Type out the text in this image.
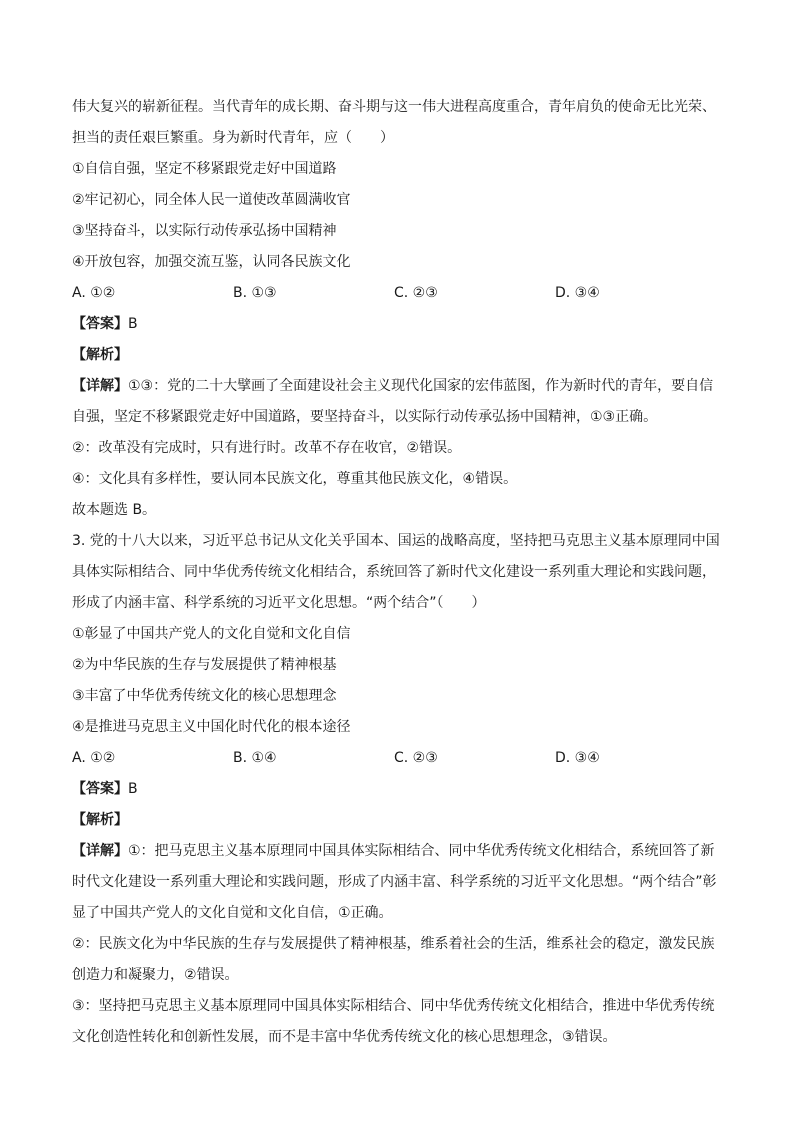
伟大复兴的崭新征程。当代青年的成长期、奋斗期与这一伟大进程高度重合，青年肩负的使命无比光荣、
担当的责任艰巨繁重。身为新时代青年，应（　　）
①自信自强，坚定不移紧跟党走好中国道路
②牢记初心，同全体人民一道使改革圆满收官
③坚持奋斗，以实际行动传承弘扬中国精神
④开放包容，加强交流互鉴，认同各民族文化
A. ①②	B. ①③	C. ②③	D. ③④
【答案】B
【解析】
【详解】①③：党的二十大擘画了全面建设社会主义现代化国家的宏伟蓝图，作为新时代的青年，要自信
自强，坚定不移紧跟党走好中国道路，要坚持奋斗，以实际行动传承弘扬中国精神，①③正确。
②：改革没有完成时，只有进行时。改革不存在收官，②错误。
④：文化具有多样性，要认同本民族文化，尊重其他民族文化，④错误。
故本题选 B。
3. 党的十八大以来，习近平总书记从文化关乎国本、国运的战略高度，坚持把马克思主义基本原理同中国
具体实际相结合、同中华优秀传统文化相结合，系统回答了新时代文化建设一系列重大理论和实践问题，
形成了内涵丰富、科学系统的习近平文化思想。“两个结合”（　　）
①彰显了中国共产党人的文化自觉和文化自信
②为中华民族的生存与发展提供了精神根基
③丰富了中华优秀传统文化的核心思想理念
④是推进马克思主义中国化时代化的根本途径
A. ①②	B. ①④	C. ②③	D. ③④
【答案】B
【解析】
【详解】①：把马克思主义基本原理同中国具体实际相结合、同中华优秀传统文化相结合，系统回答了新
时代文化建设一系列重大理论和实践问题，形成了内涵丰富、科学系统的习近平文化思想。“两个结合”彰
显了中国共产党人的文化自觉和文化自信，①正确。
②：民族文化为中华民族的生存与发展提供了精神根基，维系着社会的生活，维系社会的稳定，激发民族
创造力和凝聚力，②错误。
③：坚持把马克思主义基本原理同中国具体实际相结合、同中华优秀传统文化相结合，推进中华优秀传统
文化创造性转化和创新性发展，而不是丰富中华优秀传统文化的核心思想理念，③错误。
